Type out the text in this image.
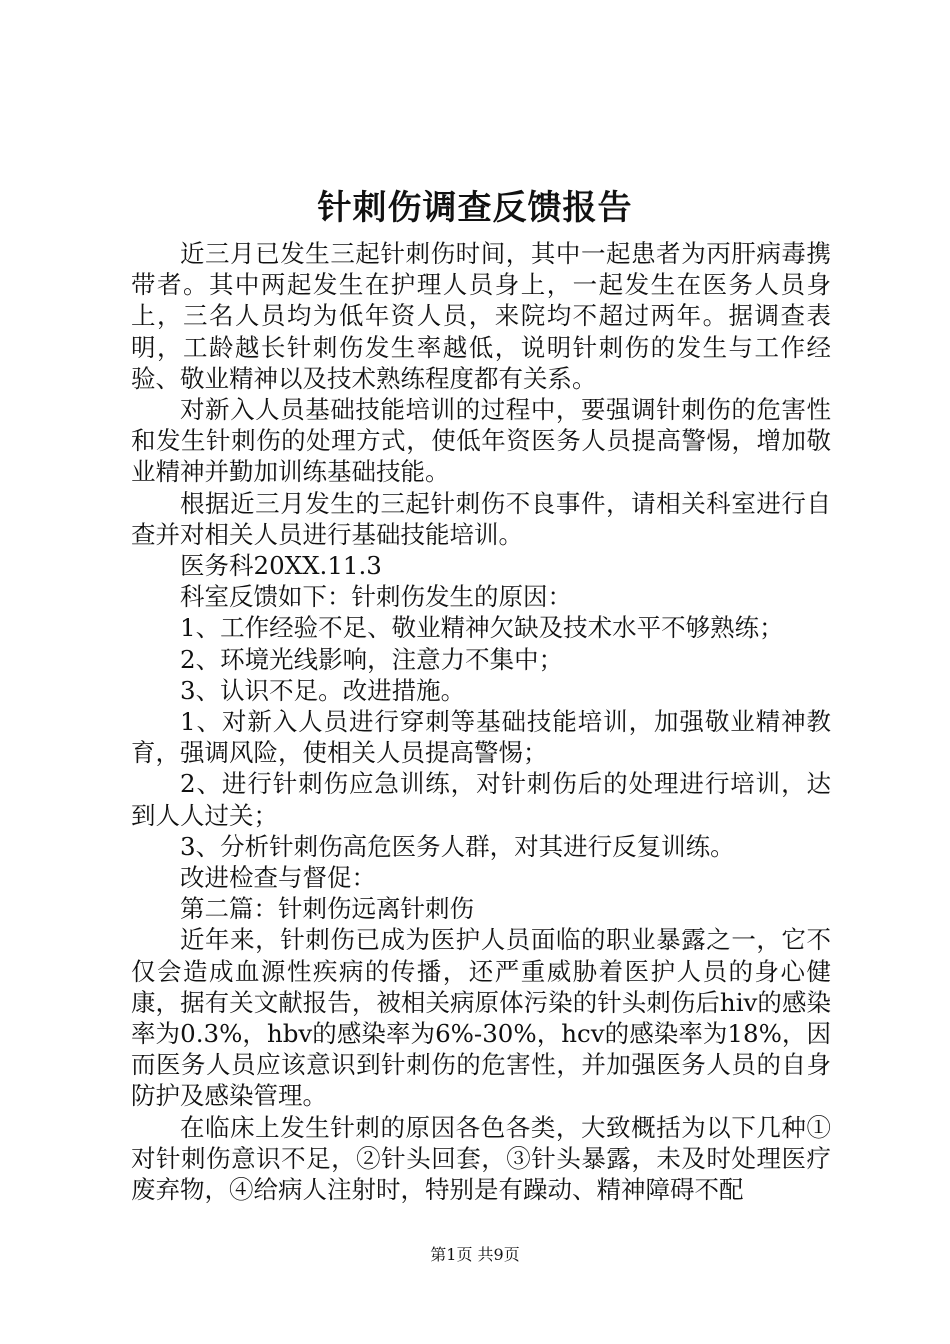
针刺伤调查反馈报告

近三月已发生三起针刺伤时间，其中一起患者为丙肝病毒携带者。其中两起发生在护理人员身上，一起发生在医务人员身上，三名人员均为低年资人员，来院均不超过两年。据调查表明，工龄越长针刺伤发生率越低，说明针刺伤的发生与工作经验、敬业精神以及技术熟练程度都有关系。

对新入人员基础技能培训的过程中，要强调针刺伤的危害性和发生针刺伤的处理方式，使低年资医务人员提高警惕，增加敬业精神并勤加训练基础技能。

根据近三月发生的三起针刺伤不良事件，请相关科室进行自查并对相关人员进行基础技能培训。

医务科20XX.11.3

科室反馈如下：针刺伤发生的原因：

1、工作经验不足、敬业精神欠缺及技术水平不够熟练；

2、环境光线影响，注意力不集中；

3、认识不足。改进措施。

1、对新入人员进行穿刺等基础技能培训，加强敬业精神教育，强调风险，使相关人员提高警惕；

2、进行针刺伤应急训练，对针刺伤后的处理进行培训，达到人人过关；

3、分析针刺伤高危医务人群，对其进行反复训练。

改进检查与督促：

第二篇：针刺伤远离针刺伤

近年来，针刺伤已成为医护人员面临的职业暴露之一，它不仅会造成血源性疾病的传播，还严重威胁着医护人员的身心健康，据有关文献报告，被相关病原体污染的针头刺伤后hiv的感染率为0.3%，hbv的感染率为6%-30%，hcv的感染率为18%，因而医务人员应该意识到针刺伤的危害性，并加强医务人员的自身防护及感染管理。

在临床上发生针刺的原因各色各类，大致概括为以下几种①对针刺伤意识不足，②针头回套，③针头暴露，未及时处理医疗废弃物，④给病人注射时，特别是有躁动、精神障碍不配

第1页 共9页
